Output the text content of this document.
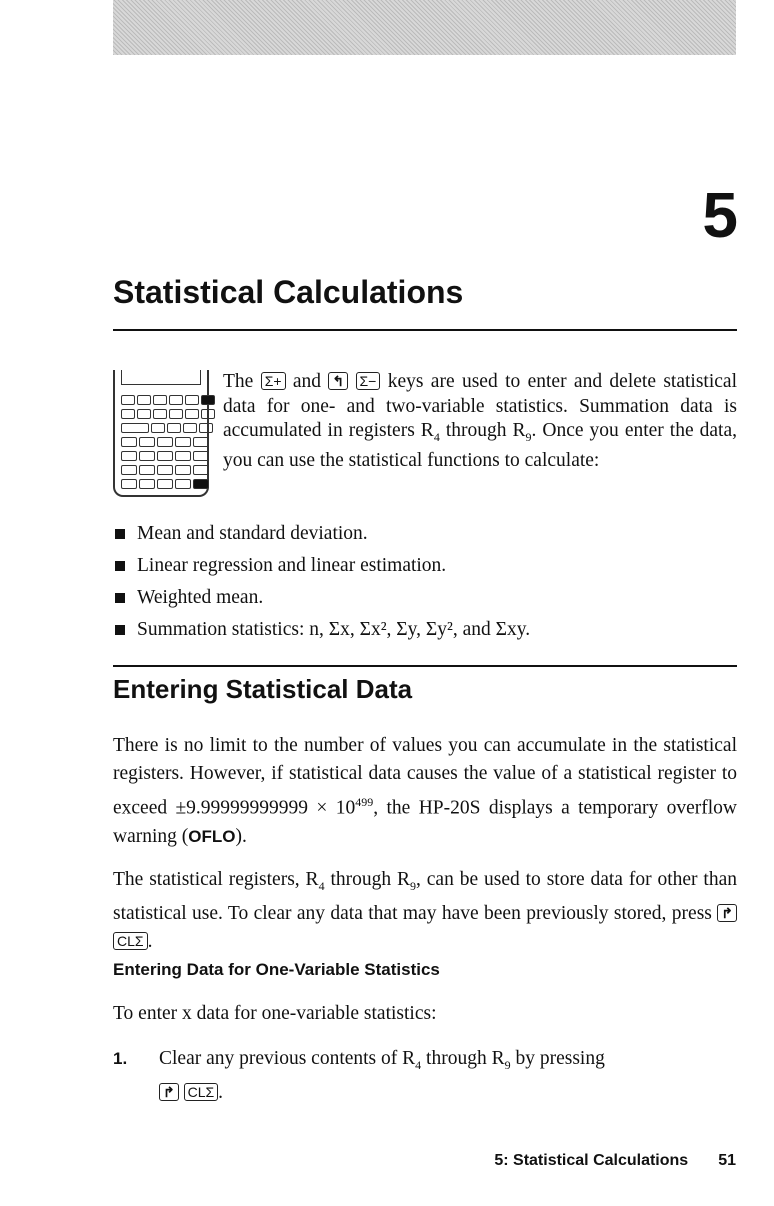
5
Statistical Calculations
The Σ+ and ↰ Σ− keys are used to enter and delete statistical data for one- and two-variable statistics. Summation data is accumulated in registers $R_4$ through $R_9$. Once you enter the data, you can use the statistical functions to calculate:
Mean and standard deviation.
Linear regression and linear estimation.
Weighted mean.
Summation statistics: n, Σx, Σx², Σy, Σy², and Σxy.
Entering Statistical Data
There is no limit to the number of values you can accumulate in the statistical registers. However, if statistical data causes the value of a statistical register to exceed $\pm 9.99999999999 \times 10^{499}$, the HP-20S displays a temporary overflow warning (OFLO).
The statistical registers, $R_4$ through $R_9$, can be used to store data for other than statistical use. To clear any data that may have been previously stored, press ↱ CLΣ .
Entering Data for One-Variable Statistics
To enter x data for one-variable statistics:
1. Clear any previous contents of $R_4$ through $R_9$ by pressing
↱ CLΣ .
5: Statistical Calculations 51
